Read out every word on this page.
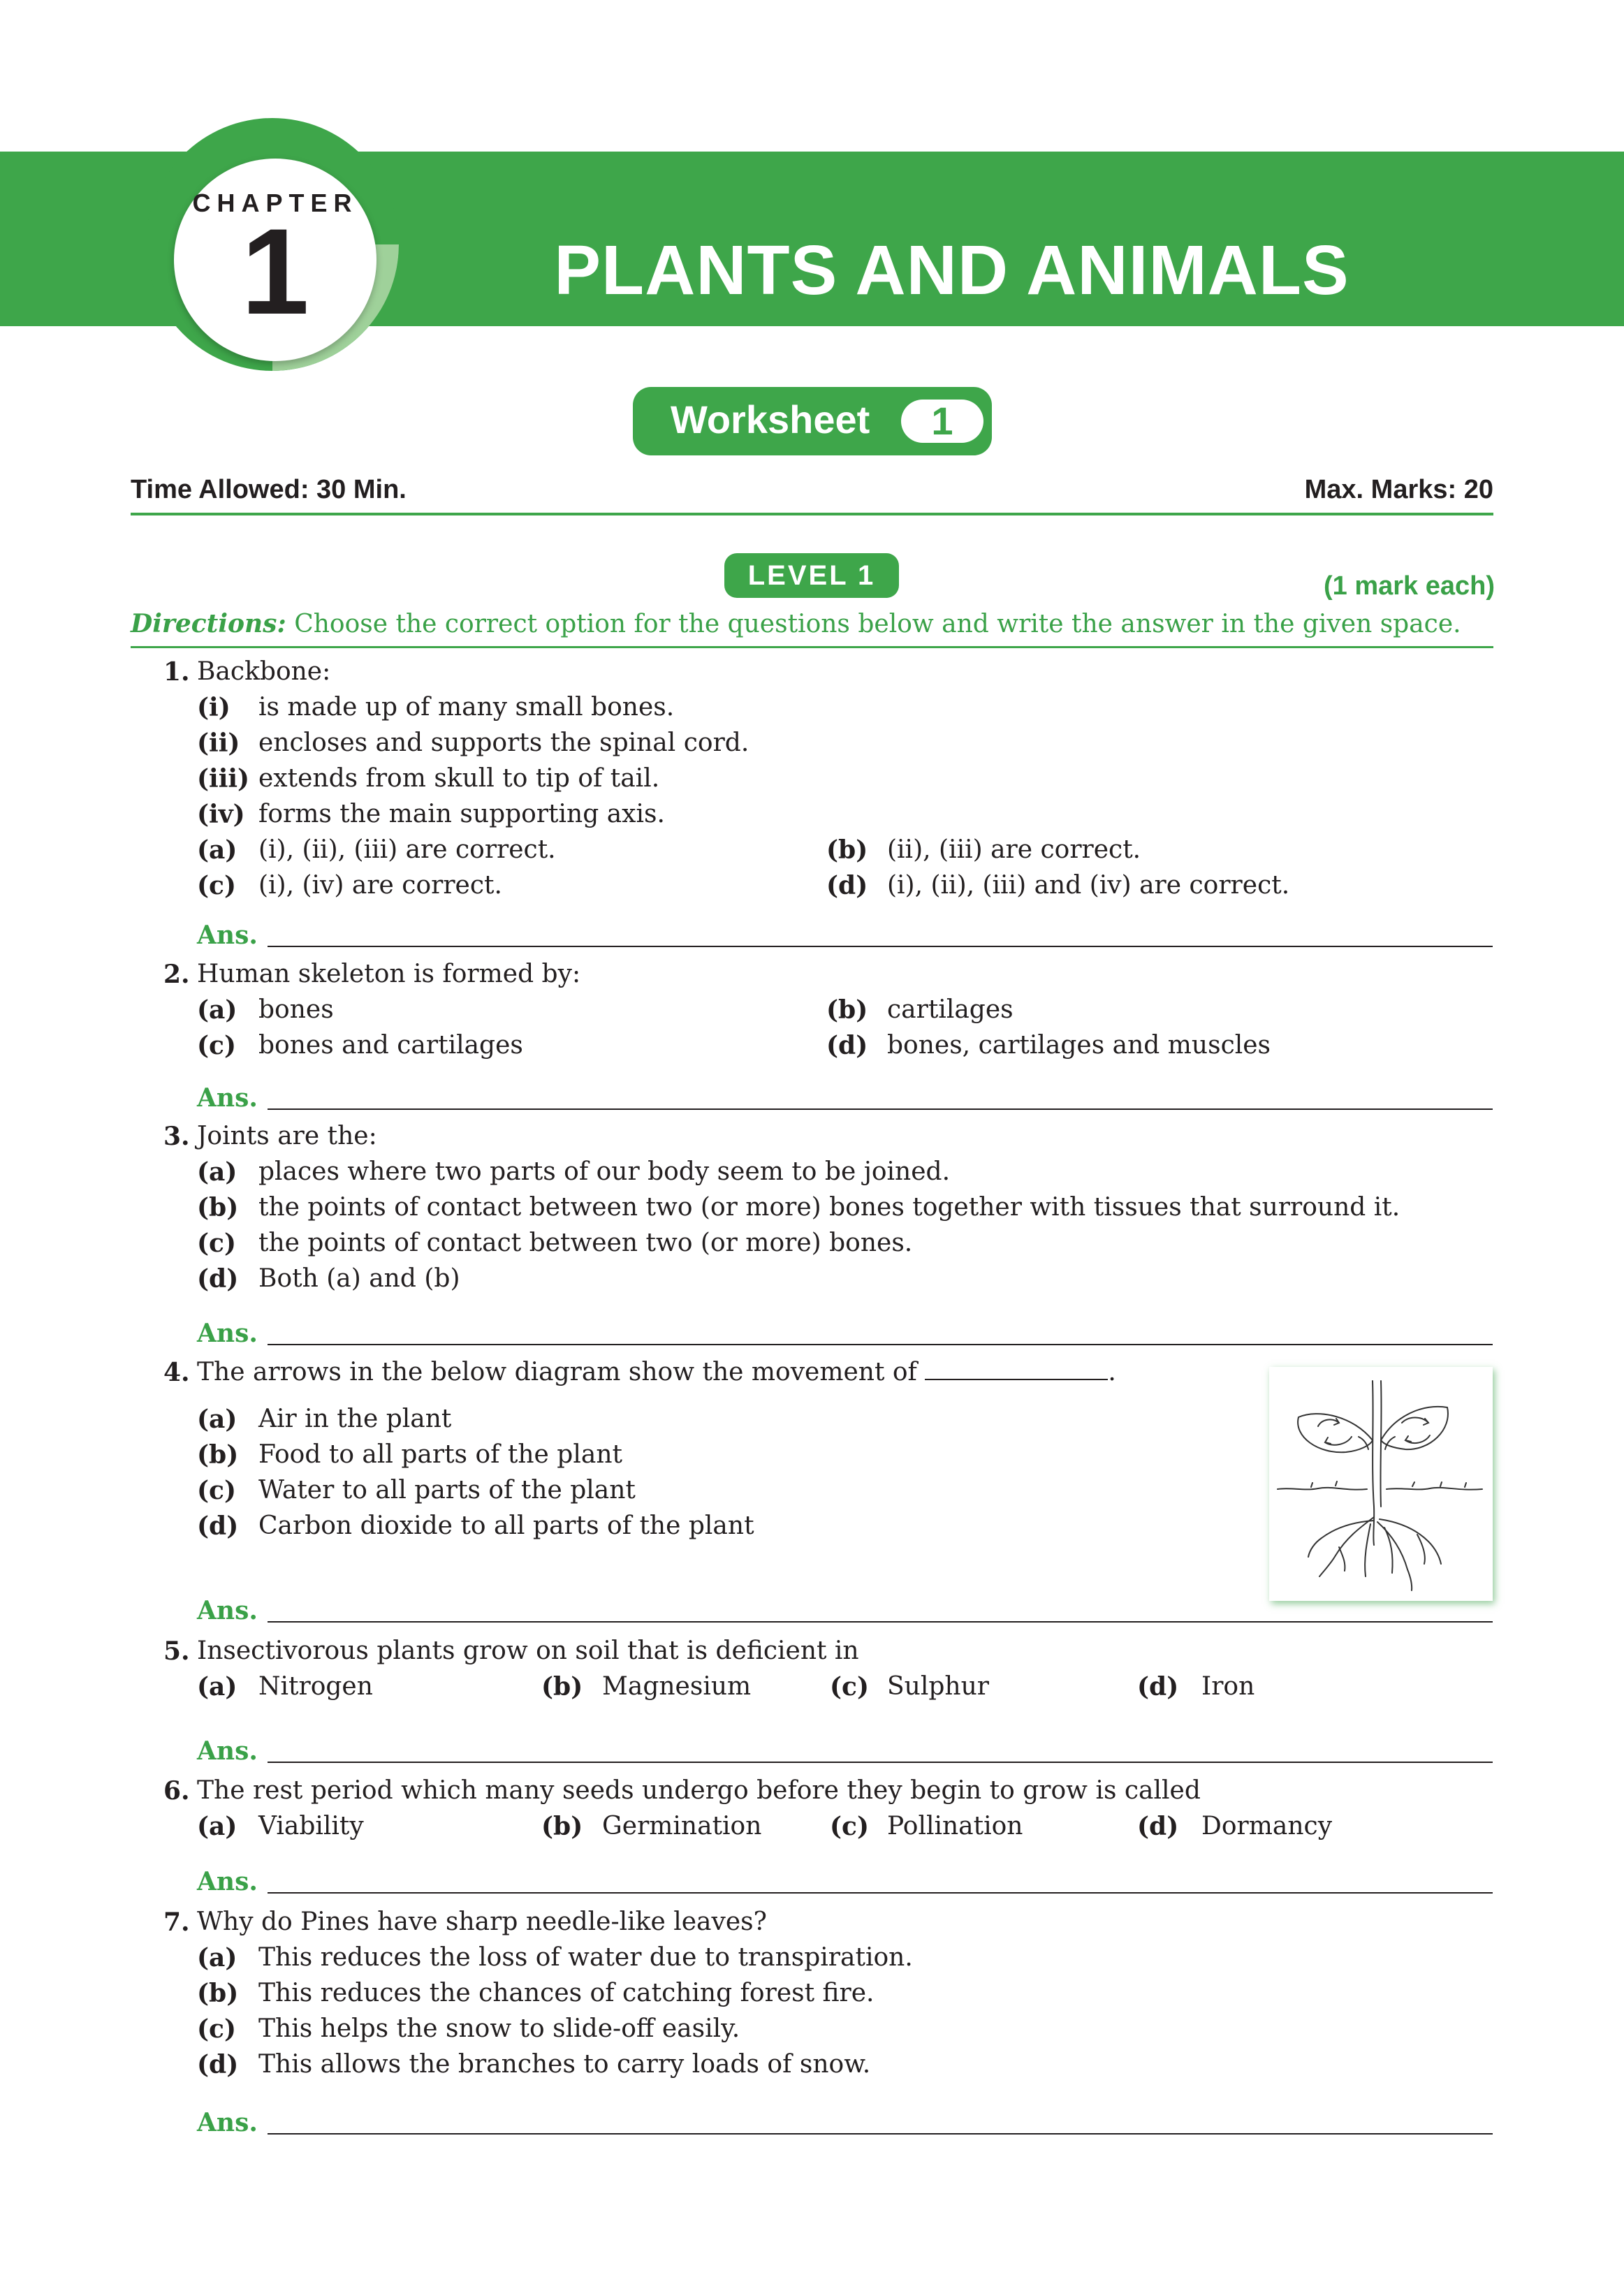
CHAPTER
1	PLANTS AND ANIMALS
Worksheet	1
Time Allowed: 30 Min.	Max. Marks: 20
LEVEL 1	(1 mark each)
Directions: Choose the correct option for the questions below and write the answer in the given space.
1. Backbone:
(i) is made up of many small bones.
(ii) encloses and supports the spinal cord.
(iii) extends from skull to tip of tail.
(iv) forms the main supporting axis.
(a) (i), (ii), (iii) are correct.	(b) (ii), (iii) are correct.
(c) (i), (iv) are correct.	(d) (i), (ii), (iii) and (iv) are correct.
Ans.
2. Human skeleton is formed by:
(a) bones	(b) cartilages
(c) bones and cartilages	(d) bones, cartilages and muscles
Ans.
3. Joints are the:
(a) places where two parts of our body seem to be joined.
(b) the points of contact between two (or more) bones together with tissues that surround it.
(c) the points of contact between two (or more) bones.
(d) Both (a) and (b)
Ans.
4. The arrows in the below diagram show the movement of	.
(a) Air in the plant
(b) Food to all parts of the plant
(c) Water to all parts of the plant
(d) Carbon dioxide to all parts of the plant
Ans.
5. Insectivorous plants grow on soil that is deficient in
(a) Nitrogen	(b) Magnesium	(c) Sulphur	(d) Iron
Ans.
6. The rest period which many seeds undergo before they begin to grow is called
(a) Viability	(b) Germination	(c) Pollination	(d) Dormancy
Ans.
7. Why do Pines have sharp needle-like leaves?
(a) This reduces the loss of water due to transpiration.
(b) This reduces the chances of catching forest fire.
(c) This helps the snow to slide-off easily.
(d) This allows the branches to carry loads of snow.
Ans.
